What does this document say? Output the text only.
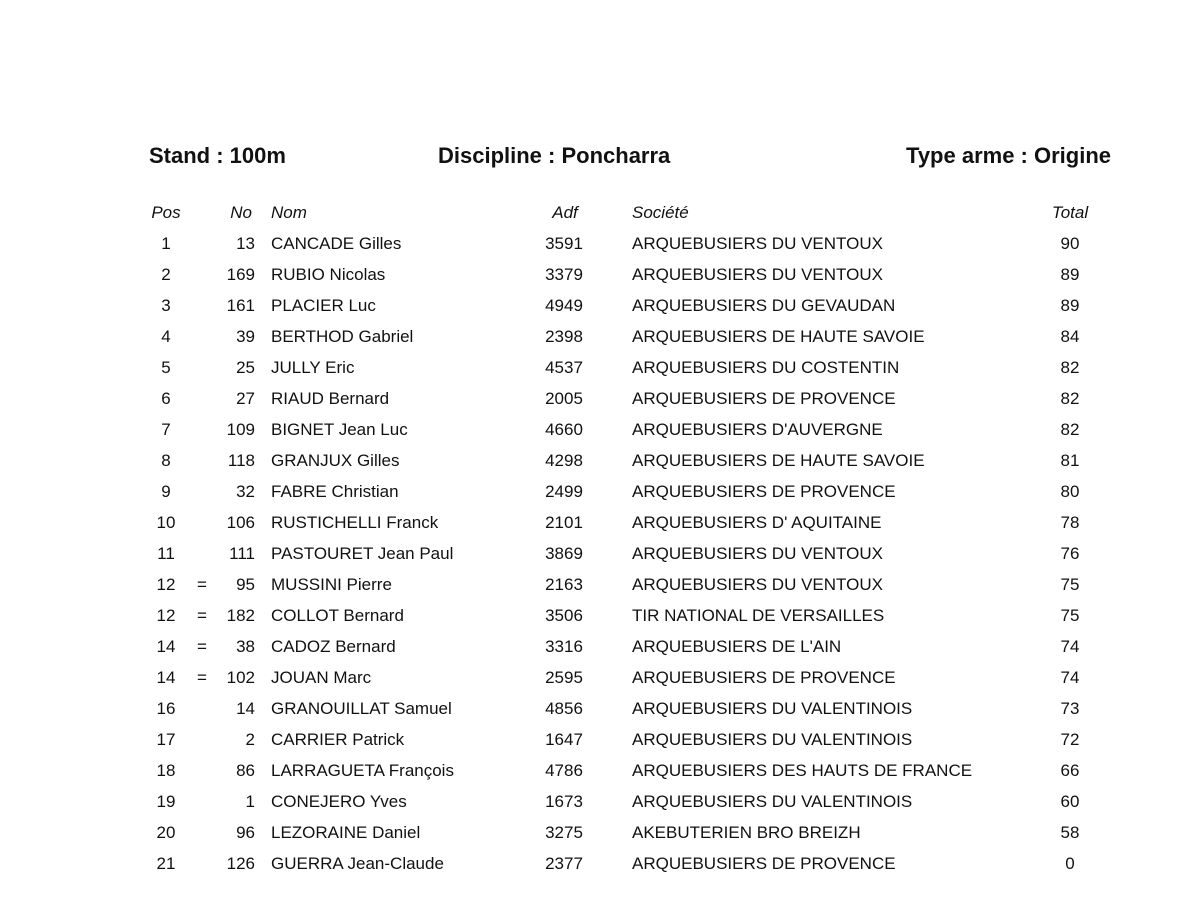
Stand : 100m	Discipline : Poncharra	Type arme : Origine
Pos	No Nom	Adf	Société	Total
1	13 CANCADE Gilles	3591	ARQUEBUSIERS DU VENTOUX	90
2	169 RUBIO Nicolas	3379	ARQUEBUSIERS DU VENTOUX	89
3	161 PLACIER Luc	4949	ARQUEBUSIERS DU GEVAUDAN	89
4	39 BERTHOD Gabriel	2398	ARQUEBUSIERS DE HAUTE SAVOIE	84
5	25 JULLY Eric	4537	ARQUEBUSIERS DU COSTENTIN	82
6	27 RIAUD Bernard	2005	ARQUEBUSIERS DE PROVENCE	82
7	109 BIGNET Jean Luc	4660	ARQUEBUSIERS D'AUVERGNE	82
8	118 GRANJUX Gilles	4298	ARQUEBUSIERS DE HAUTE SAVOIE	81
9	32 FABRE Christian	2499	ARQUEBUSIERS DE PROVENCE	80
10	106 RUSTICHELLI Franck	2101	ARQUEBUSIERS D' AQUITAINE	78
11	111 PASTOURET Jean Paul	3869	ARQUEBUSIERS DU VENTOUX	76
12	=	95 MUSSINI Pierre	2163	ARQUEBUSIERS DU VENTOUX	75
12	=	182 COLLOT Bernard	3506	TIR NATIONAL DE VERSAILLES	75
14	=	38 CADOZ Bernard	3316	ARQUEBUSIERS DE L'AIN	74
14	=	102 JOUAN Marc	2595	ARQUEBUSIERS DE PROVENCE	74
16	14 GRANOUILLAT Samuel	4856	ARQUEBUSIERS DU VALENTINOIS	73
17	2 CARRIER Patrick	1647	ARQUEBUSIERS DU VALENTINOIS	72
18	86 LARRAGUETA François	4786	ARQUEBUSIERS DES HAUTS DE FRANCE	66
19	1 CONEJERO Yves	1673	ARQUEBUSIERS DU VALENTINOIS	60
20	96 LEZORAINE Daniel	3275	AKEBUTERIEN BRO BREIZH	58
21	126 GUERRA Jean-Claude	2377	ARQUEBUSIERS DE PROVENCE	0
